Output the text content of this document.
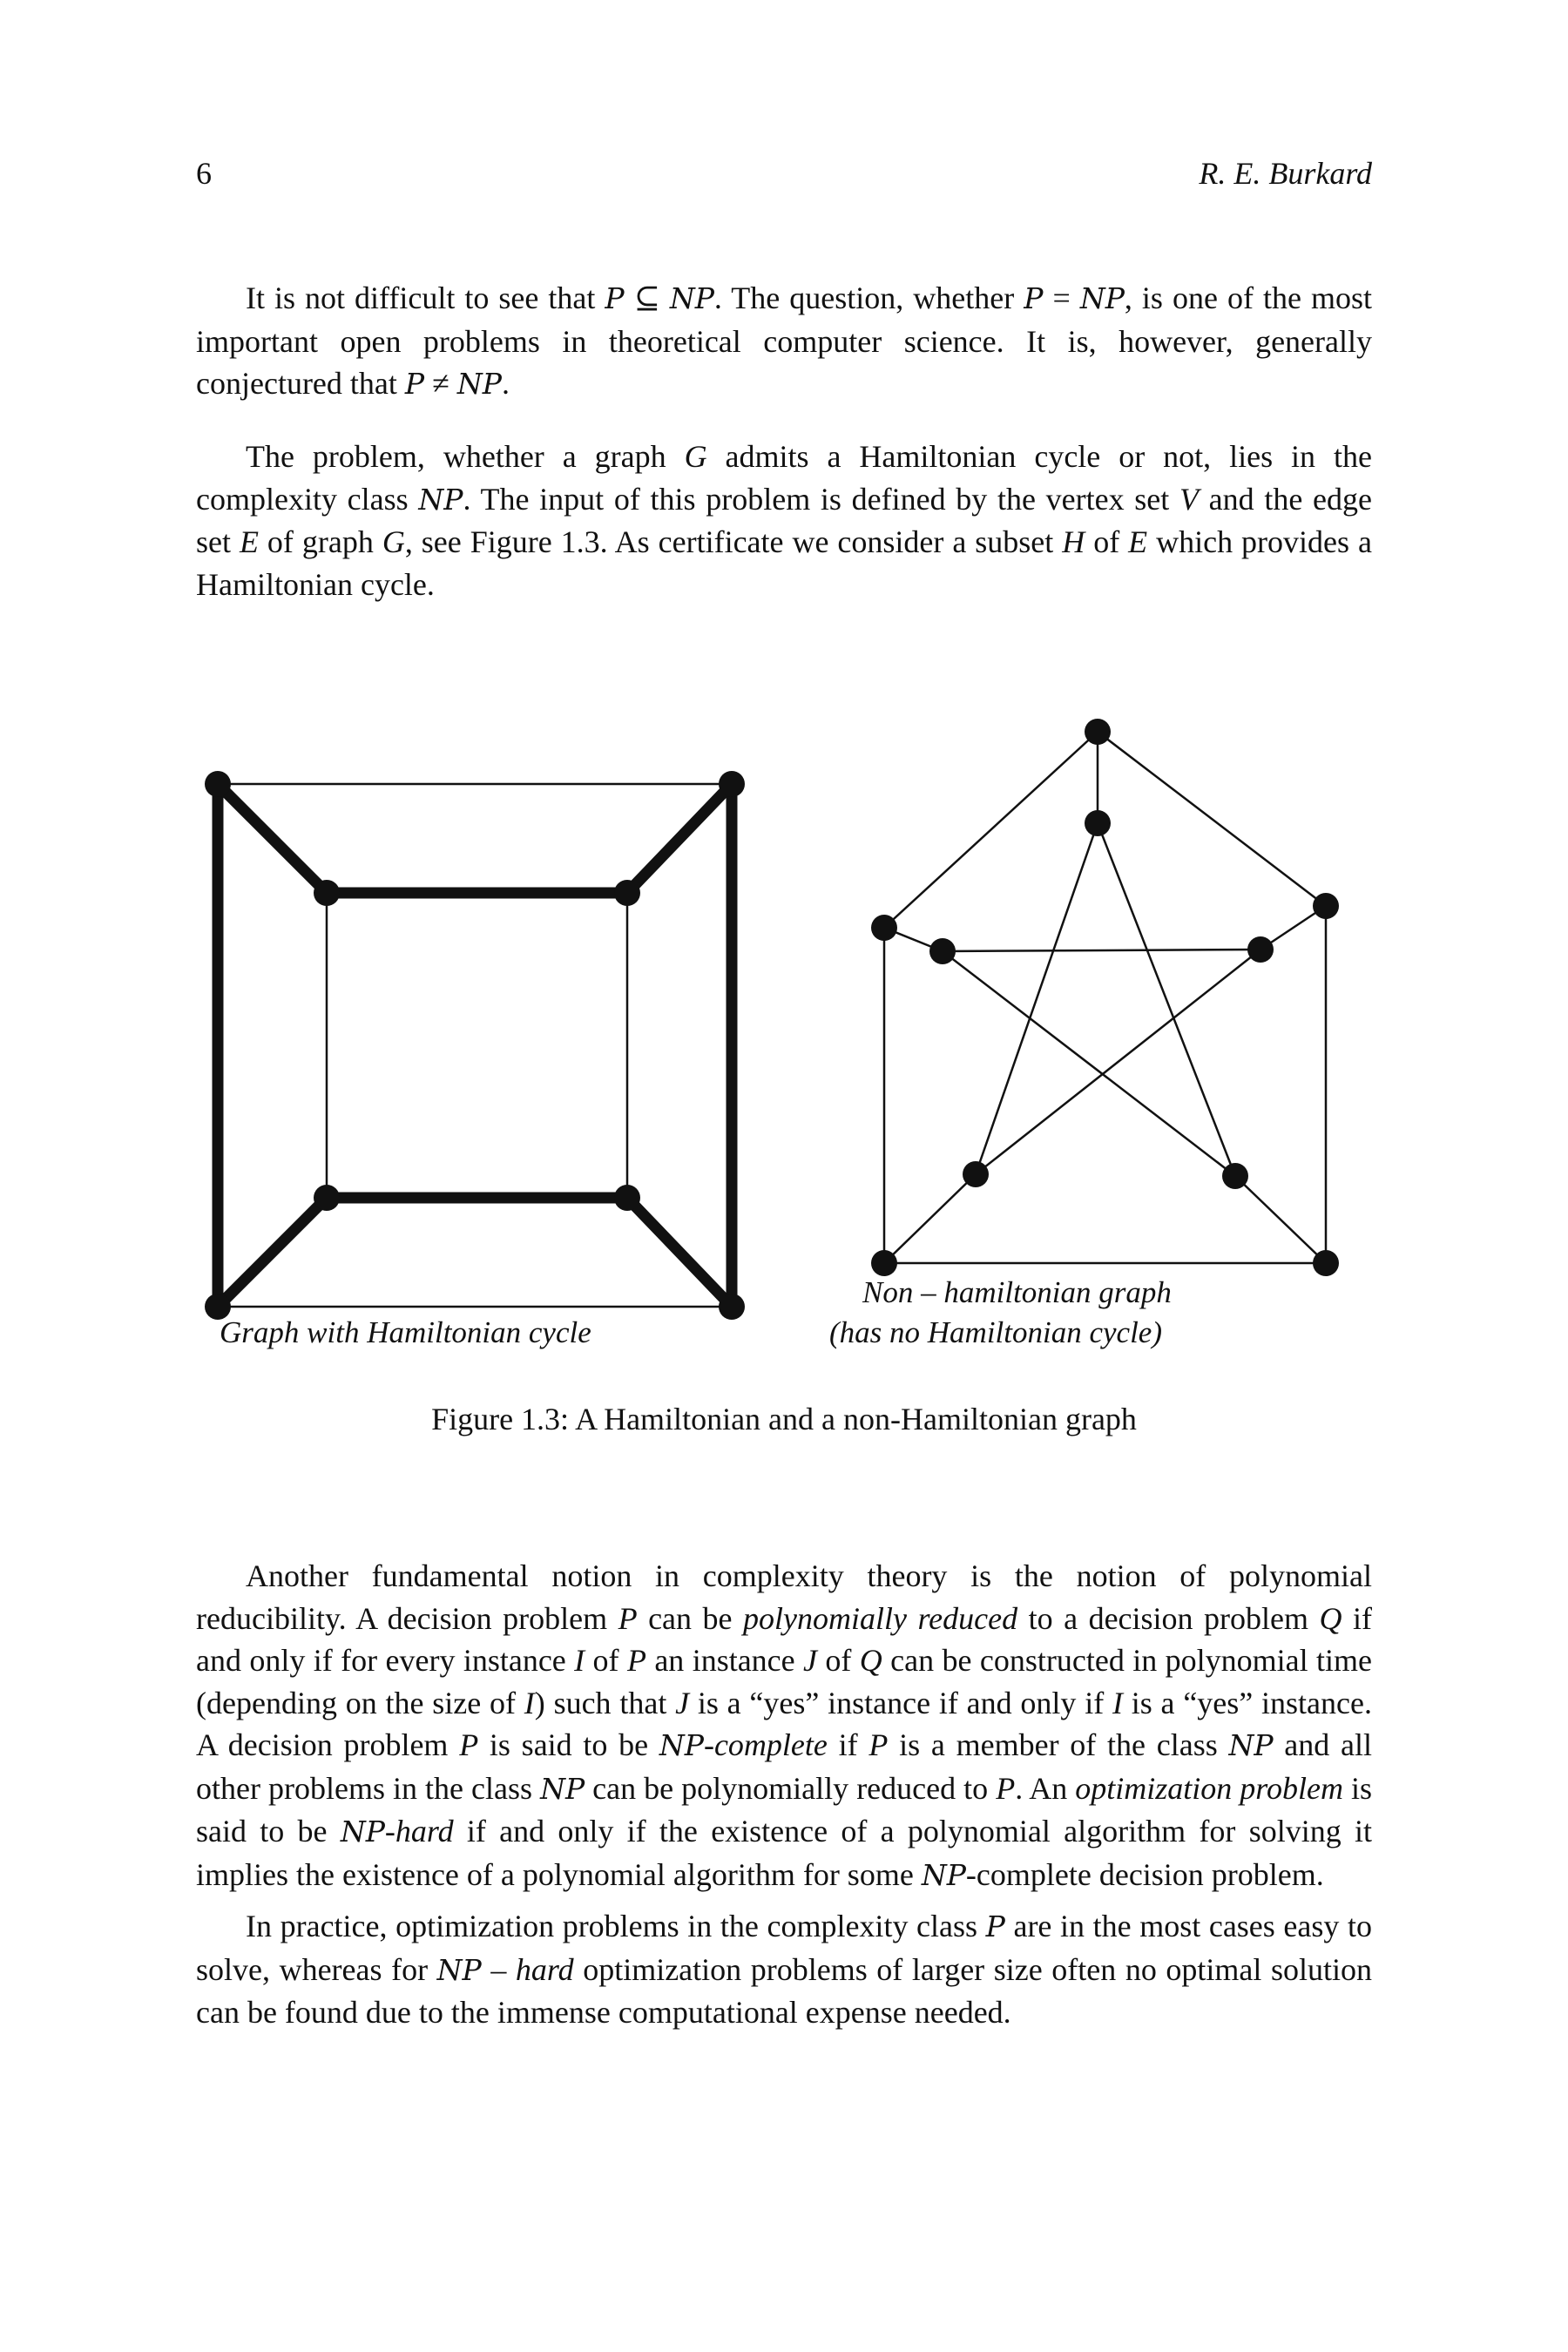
6	R. E. Burkard

It is not difficult to see that P ⊆ NP. The question, whether P = NP, is one of the most important open problems in theoretical computer science. It is, however, generally conjectured that P ≠ NP.

The problem, whether a graph G admits a Hamiltonian cycle or not, lies in the complexity class NP. The input of this problem is defined by the vertex set V and the edge set E of graph G, see Figure 1.3. As certificate we consider a subset H of E which provides a Hamiltonian cycle.

Graph with Hamiltonian cycle
Non – hamiltonian graph
(has no Hamiltonian cycle)
Figure 1.3: A Hamiltonian and a non-Hamiltonian graph

Another fundamental notion in complexity theory is the notion of polynomial reducibility. A decision problem P can be polynomially reduced to a decision problem Q if and only if for every instance I of P an instance J of Q can be constructed in polynomial time (depending on the size of I) such that J is a “yes” instance if and only if I is a “yes” instance. A decision problem P is said to be NP-complete if P is a member of the class NP and all other problems in the class NP can be polynomially reduced to P. An optimization problem is said to be NP-hard if and only if the existence of a polynomial algorithm for solving it implies the existence of a polynomial algorithm for some NP-complete decision problem.

In practice, optimization problems in the complexity class P are in the most cases easy to solve, whereas for NP – hard optimization problems of larger size often no optimal solution can be found due to the immense computational expense needed.
